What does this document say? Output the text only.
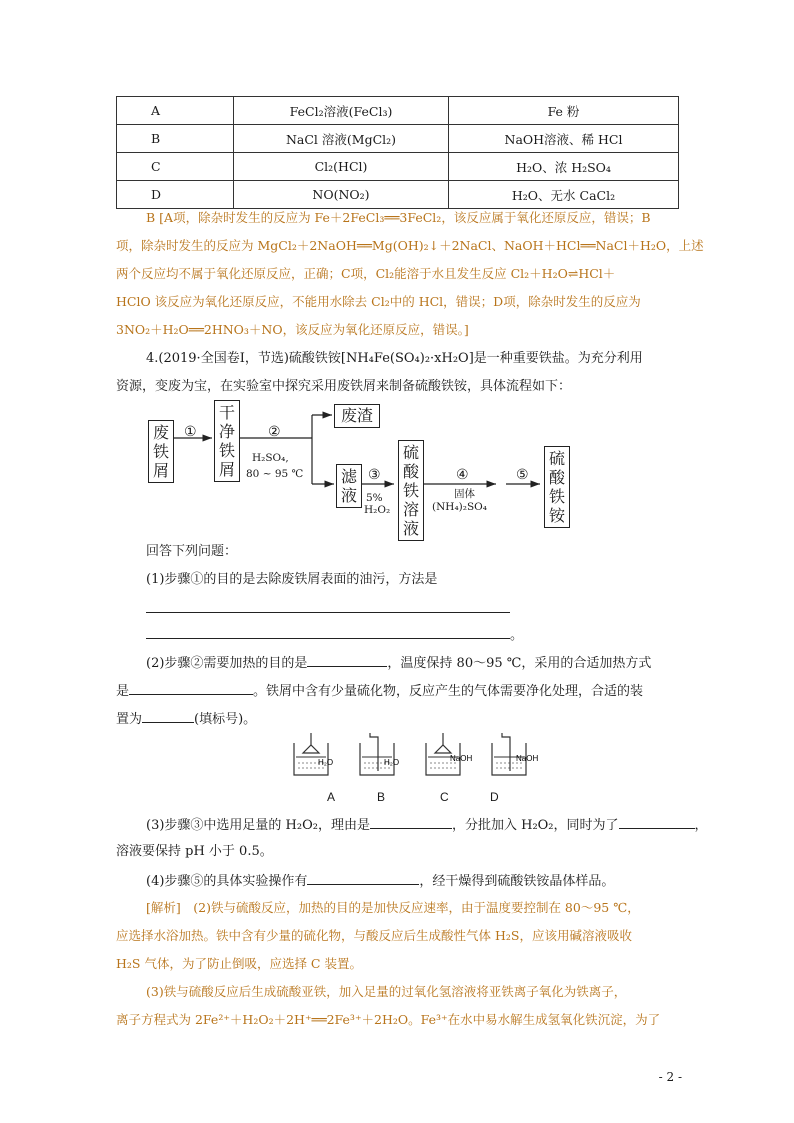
A	FeCl₂溶液(FeCl₃)	Fe 粉
B	NaCl 溶液(MgCl₂)	NaOH溶液、稀 HCl
C	Cl₂(HCl)	H₂O、浓 H₂SO₄
D	NO(NO₂)	H₂O、无水 CaCl₂
B [A项，除杂时发生的反应为 Fe＋2FeCl₃══3FeCl₂，该反应属于氧化还原反应，错误；B
项，除杂时发生的反应为 MgCl₂＋2NaOH══Mg(OH)₂↓＋2NaCl、NaOH＋HCl══NaCl＋H₂O，上述
两个反应均不属于氧化还原反应，正确；C项，Cl₂能溶于水且发生反应 Cl₂＋H₂O⇌HCl＋
HClO 该反应为氧化还原反应，不能用水除去 Cl₂中的 HCl，错误；D项，除杂时发生的反应为
3NO₂＋H₂O══2HNO₃＋NO，该反应为氧化还原反应，错误。]
4.(2019·全国卷Ⅰ，节选)硫酸铁铵[NH₄Fe(SO₄)₂·xH₂O]是一种重要铁盐。为充分利用
资源，变废为宝，在实验室中探究采用废铁屑来制备硫酸铁铵，具体流程如下：
废铁屑
①
干净铁屑
②
H₂SO₄,
80 ~ 95 ℃
废渣
滤液
③
5%
H₂O₂
硫酸铁溶液
④
固体
(NH₄)₂SO₄
⑤
硫酸铁铵
回答下列问题：
(1)步骤①的目的是去除废铁屑表面的油污，方法是
。
(2)步骤②需要加热的目的是	，温度保持 80～95 ℃，采用的合适加热方式
是	。铁屑中含有少量硫化物，反应产生的气体需要净化处理，合适的装
置为	(填标号)。
H₂O	H₂O	NaOH	NaOH
A	B	C	D
(3)步骤③中选用足量的 H₂O₂，理由是	，分批加入 H₂O₂，同时为了	，
溶液要保持 pH 小于 0.5。
(4)步骤⑤的具体实验操作有	，经干燥得到硫酸铁铵晶体样品。
[解析]　(2)铁与硫酸反应，加热的目的是加快反应速率，由于温度要控制在 80～95 ℃，
应选择水浴加热。铁中含有少量的硫化物，与酸反应后生成酸性气体 H₂S，应该用碱溶液吸收
H₂S 气体，为了防止倒吸，应选择 C 装置。
(3)铁与硫酸反应后生成硫酸亚铁，加入足量的过氧化氢溶液将亚铁离子氧化为铁离子，
离子方程式为 2Fe²⁺＋H₂O₂＋2H⁺══2Fe³⁺＋2H₂O。Fe³⁺在水中易水解生成氢氧化铁沉淀，为了
- 2 -
